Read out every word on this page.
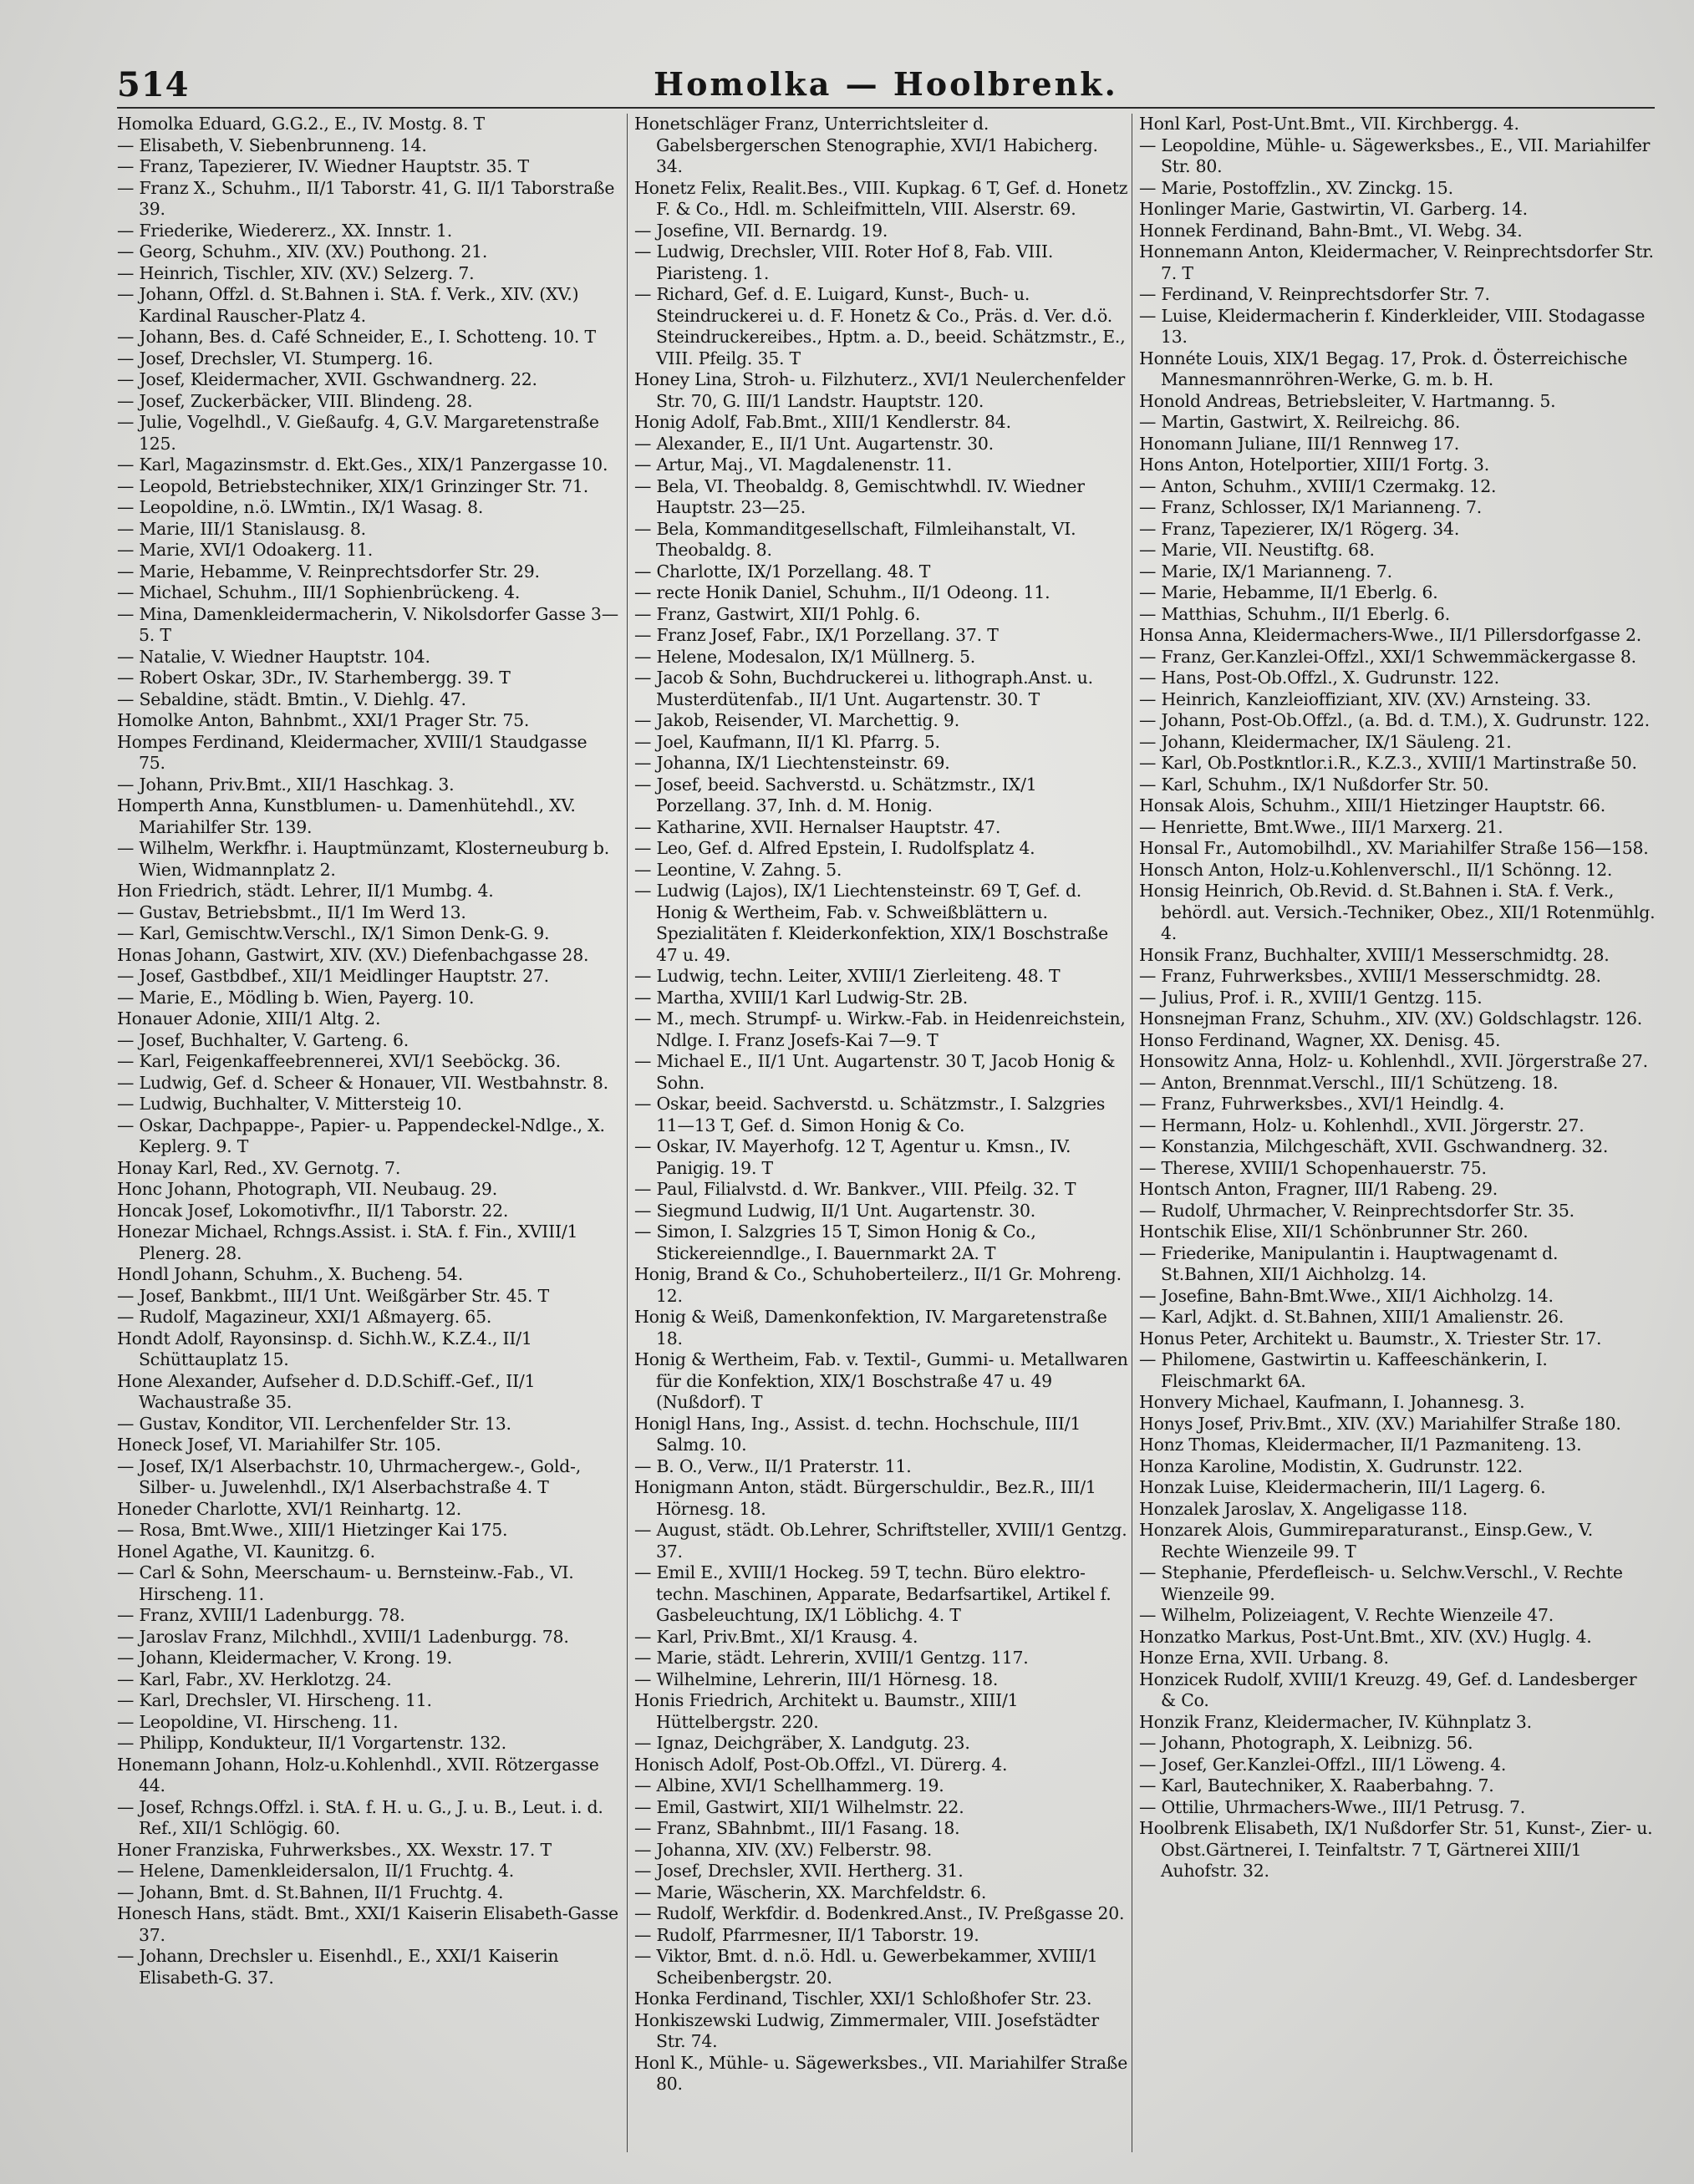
514	Homolka — Hoolbrenk.

Homolka Eduard, G.G.2., E., IV. Mostg. 8. T

— Elisabeth, V. Siebenbrunneng. 14.

— Franz, Tapezierer, IV. Wiedner Hauptstr. 35. T

— Franz X., Schuhm., II/1 Taborstr. 41, G. II/1 Taborstraße 39.

— Friederike, Wiedererz., XX. Innstr. 1.

— Georg, Schuhm., XIV. (XV.) Pouthong. 21.

— Heinrich, Tischler, XIV. (XV.) Selzerg. 7.

— Johann, Offzl. d. St.Bahnen i. StA. f. Verk., XIV. (XV.) Kardinal Rauscher-Platz 4.

— Johann, Bes. d. Café Schneider, E., I. Schotteng. 10. T

— Josef, Drechsler, VI. Stumperg. 16.

— Josef, Kleidermacher, XVII. Gschwandnerg. 22.

— Josef, Zuckerbäcker, VIII. Blindeng. 28.

— Julie, Vogelhdl., V. Gießaufg. 4, G.V. Margaretenstraße 125.

— Karl, Magazinsmstr. d. Ekt.Ges., XIX/1 Panzergasse 10.

— Leopold, Betriebstechniker, XIX/1 Grinzinger Str. 71.

— Leopoldine, n.ö. LWmtin., IX/1 Wasag. 8.

— Marie, III/1 Stanislausg. 8.

— Marie, XVI/1 Odoakerg. 11.

— Marie, Hebamme, V. Reinprechtsdorfer Str. 29.

— Michael, Schuhm., III/1 Sophienbrückeng. 4.

— Mina, Damenkleidermacherin, V. Nikolsdorfer Gasse 3—5. T

— Natalie, V. Wiedner Hauptstr. 104.

— Robert Oskar, 3Dr., IV. Starhembergg. 39. T

— Sebaldine, städt. Bmtin., V. Diehlg. 47.

Homolke Anton, Bahnbmt., XXI/1 Prager Str. 75.

Hompes Ferdinand, Kleidermacher, XVIII/1 Staudgasse 75.

— Johann, Priv.Bmt., XII/1 Haschkag. 3.

Homperth Anna, Kunstblumen- u. Damenhütehdl., XV. Mariahilfer Str. 139.

— Wilhelm, Werkfhr. i. Hauptmünzamt, Klosterneuburg b. Wien, Widmannplatz 2.

Hon Friedrich, städt. Lehrer, II/1 Mumbg. 4.

— Gustav, Betriebsbmt., II/1 Im Werd 13.

— Karl, Gemischtw.Verschl., IX/1 Simon Denk-G. 9.

Honas Johann, Gastwirt, XIV. (XV.) Diefenbachgasse 28.

— Josef, Gastbdbef., XII/1 Meidlinger Hauptstr. 27.

— Marie, E., Mödling b. Wien, Payerg. 10.

Honauer Adonie, XIII/1 Altg. 2.

— Josef, Buchhalter, V. Garteng. 6.

— Karl, Feigenkaffeebrennerei, XVI/1 Seeböckg. 36.

— Ludwig, Gef. d. Scheer & Honauer, VII. Westbahnstr. 8.

— Ludwig, Buchhalter, V. Mittersteig 10.

— Oskar, Dachpappe-, Papier- u. Pappendeckel-Ndlge., X. Keplerg. 9. T

Honay Karl, Red., XV. Gernotg. 7.

Honc Johann, Photograph, VII. Neubaug. 29.

Honcak Josef, Lokomotivfhr., II/1 Taborstr. 22.

Honezar Michael, Rchngs.Assist. i. StA. f. Fin., XVIII/1 Plenerg. 28.

Hondl Johann, Schuhm., X. Bucheng. 54.

— Josef, Bankbmt., III/1 Unt. Weißgärber Str. 45. T

— Rudolf, Magazineur, XXI/1 Aßmayerg. 65.

Hondt Adolf, Rayonsinsp. d. Sichh.W., K.Z.4., II/1 Schüttauplatz 15.

Hone Alexander, Aufseher d. D.D.Schiff.-Gef., II/1 Wachaustraße 35.

— Gustav, Konditor, VII. Lerchenfelder Str. 13.

Honeck Josef, VI. Mariahilfer Str. 105.

— Josef, IX/1 Alserbachstr. 10, Uhrmachergew.-, Gold-, Silber- u. Juwelenhdl., IX/1 Alserbachstraße 4. T

Honeder Charlotte, XVI/1 Reinhartg. 12.

— Rosa, Bmt.Wwe., XIII/1 Hietzinger Kai 175.

Honel Agathe, VI. Kaunitzg. 6.

— Carl & Sohn, Meerschaum- u. Bernsteinw.-Fab., VI. Hirscheng. 11.

— Franz, XVIII/1 Ladenburgg. 78.

— Jaroslav Franz, Milchhdl., XVIII/1 Ladenburgg. 78.

— Johann, Kleidermacher, V. Krong. 19.

— Karl, Fabr., XV. Herklotzg. 24.

— Karl, Drechsler, VI. Hirscheng. 11.

— Leopoldine, VI. Hirscheng. 11.

— Philipp, Kondukteur, II/1 Vorgartenstr. 132.

Honemann Johann, Holz-u.Kohlenhdl., XVII. Rötzergasse 44.

— Josef, Rchngs.Offzl. i. StA. f. H. u. G., J. u. B., Leut. i. d. Ref., XII/1 Schlögig. 60.

Honer Franziska, Fuhrwerksbes., XX. Wexstr. 17. T

— Helene, Damenkleidersalon, II/1 Fruchtg. 4.

— Johann, Bmt. d. St.Bahnen, II/1 Fruchtg. 4.

Honesch Hans, städt. Bmt., XXI/1 Kaiserin Elisabeth-Gasse 37.

— Johann, Drechsler u. Eisenhdl., E., XXI/1 Kaiserin Elisabeth-G. 37.

Honetschläger Franz, Unterrichtsleiter d. Gabelsbergerschen Stenographie, XVI/1 Habicherg. 34.

Honetz Felix, Realit.Bes., VIII. Kupkag. 6 T, Gef. d. Honetz F. & Co., Hdl. m. Schleifmitteln, VIII. Alserstr. 69.

— Josefine, VII. Bernardg. 19.

— Ludwig, Drechsler, VIII. Roter Hof 8, Fab. VIII. Piaristeng. 1.

— Richard, Gef. d. E. Luigard, Kunst-, Buch- u. Steindruckerei u. d. F. Honetz & Co., Präs. d. Ver. d.ö. Steindruckereibes., Hptm. a. D., beeid. Schätzmstr., E., VIII. Pfeilg. 35. T

Honey Lina, Stroh- u. Filzhuterz., XVI/1 Neulerchenfelder Str. 70, G. III/1 Landstr. Hauptstr. 120.

Honig Adolf, Fab.Bmt., XIII/1 Kendlerstr. 84.

— Alexander, E., II/1 Unt. Augartenstr. 30.

— Artur, Maj., VI. Magdalenenstr. 11.

— Bela, VI. Theobaldg. 8, Gemischtwhdl. IV. Wiedner Hauptstr. 23—25.

— Bela, Kommanditgesellschaft, Filmleihanstalt, VI. Theobaldg. 8.

— Charlotte, IX/1 Porzellang. 48. T

— recte Honik Daniel, Schuhm., II/1 Odeong. 11.

— Franz, Gastwirt, XII/1 Pohlg. 6.

— Franz Josef, Fabr., IX/1 Porzellang. 37. T

— Helene, Modesalon, IX/1 Müllnerg. 5.

— Jacob & Sohn, Buchdruckerei u. lithograph.Anst. u. Musterdütenfab., II/1 Unt. Augartenstr. 30. T

— Jakob, Reisender, VI. Marchettig. 9.

— Joel, Kaufmann, II/1 Kl. Pfarrg. 5.

— Johanna, IX/1 Liechtensteinstr. 69.

— Josef, beeid. Sachverstd. u. Schätzmstr., IX/1 Porzellang. 37, Inh. d. M. Honig.

— Katharine, XVII. Hernalser Hauptstr. 47.

— Leo, Gef. d. Alfred Epstein, I. Rudolfsplatz 4.

— Leontine, V. Zahng. 5.

— Ludwig (Lajos), IX/1 Liechtensteinstr. 69 T, Gef. d. Honig & Wertheim, Fab. v. Schweißblättern u. Spezialitäten f. Kleiderkonfektion, XIX/1 Boschstraße 47 u. 49.

— Ludwig, techn. Leiter, XVIII/1 Zierleiteng. 48. T

— Martha, XVIII/1 Karl Ludwig-Str. 2B.

— M., mech. Strumpf- u. Wirkw.-Fab. in Heidenreichstein, Ndlge. I. Franz Josefs-Kai 7—9. T

— Michael E., II/1 Unt. Augartenstr. 30 T, Jacob Honig & Sohn.

— Oskar, beeid. Sachverstd. u. Schätzmstr., I. Salzgries 11—13 T, Gef. d. Simon Honig & Co.

— Oskar, IV. Mayerhofg. 12 T, Agentur u. Kmsn., IV. Panigig. 19. T

— Paul, Filialvstd. d. Wr. Bankver., VIII. Pfeilg. 32. T

— Siegmund Ludwig, II/1 Unt. Augartenstr. 30.

— Simon, I. Salzgries 15 T, Simon Honig & Co., Stickereienndlge., I. Bauernmarkt 2A. T

Honig, Brand & Co., Schuhoberteilerz., II/1 Gr. Mohreng. 12.

Honig & Weiß, Damenkonfektion, IV. Margaretenstraße 18.

Honig & Wertheim, Fab. v. Textil-, Gummi- u. Metallwaren für die Konfektion, XIX/1 Boschstraße 47 u. 49 (Nußdorf). T

Honigl Hans, Ing., Assist. d. techn. Hochschule, III/1 Salmg. 10.

— B. O., Verw., II/1 Praterstr. 11.

Honigmann Anton, städt. Bürgerschuldir., Bez.R., III/1 Hörnesg. 18.

— August, städt. Ob.Lehrer, Schriftsteller, XVIII/1 Gentzg. 37.

— Emil E., XVIII/1 Hockeg. 59 T, techn. Büro elektro-techn. Maschinen, Apparate, Bedarfsartikel, Artikel f. Gasbeleuchtung, IX/1 Löblichg. 4. T

— Karl, Priv.Bmt., XI/1 Krausg. 4.

— Marie, städt. Lehrerin, XVIII/1 Gentzg. 117.

— Wilhelmine, Lehrerin, III/1 Hörnesg. 18.

Honis Friedrich, Architekt u. Baumstr., XIII/1 Hüttelbergstr. 220.

— Ignaz, Deichgräber, X. Landgutg. 23.

Honisch Adolf, Post-Ob.Offzl., VI. Dürerg. 4.

— Albine, XVI/1 Schellhammerg. 19.

— Emil, Gastwirt, XII/1 Wilhelmstr. 22.

— Franz, SBahnbmt., III/1 Fasang. 18.

— Johanna, XIV. (XV.) Felberstr. 98.

— Josef, Drechsler, XVII. Hertherg. 31.

— Marie, Wäscherin, XX. Marchfeldstr. 6.

— Rudolf, Werkfdir. d. Bodenkred.Anst., IV. Preßgasse 20.

— Rudolf, Pfarrmesner, II/1 Taborstr. 19.

— Viktor, Bmt. d. n.ö. Hdl. u. Gewerbekammer, XVIII/1 Scheibenbergstr. 20.

Honka Ferdinand, Tischler, XXI/1 Schloßhofer Str. 23.

Honkiszewski Ludwig, Zimmermaler, VIII. Josefstädter Str. 74.

Honl K., Mühle- u. Sägewerksbes., VII. Mariahilfer Straße 80.

Honl Karl, Post-Unt.Bmt., VII. Kirchbergg. 4.

— Leopoldine, Mühle- u. Sägewerksbes., E., VII. Mariahilfer Str. 80.

— Marie, Postoffzlin., XV. Zinckg. 15.

Honlinger Marie, Gastwirtin, VI. Garberg. 14.

Honnek Ferdinand, Bahn-Bmt., VI. Webg. 34.

Honnemann Anton, Kleidermacher, V. Reinprechtsdorfer Str. 7. T

— Ferdinand, V. Reinprechtsdorfer Str. 7.

— Luise, Kleidermacherin f. Kinderkleider, VIII. Stodagasse 13.

Honnéte Louis, XIX/1 Begag. 17, Prok. d. Österreichische Mannesmannröhren-Werke, G. m. b. H.

Honold Andreas, Betriebsleiter, V. Hartmanng. 5.

— Martin, Gastwirt, X. Reilreichg. 86.

Honomann Juliane, III/1 Rennweg 17.

Hons Anton, Hotelportier, XIII/1 Fortg. 3.

— Anton, Schuhm., XVIII/1 Czermakg. 12.

— Franz, Schlosser, IX/1 Marianneng. 7.

— Franz, Tapezierer, IX/1 Rögerg. 34.

— Marie, VII. Neustiftg. 68.

— Marie, IX/1 Marianneng. 7.

— Marie, Hebamme, II/1 Eberlg. 6.

— Matthias, Schuhm., II/1 Eberlg. 6.

Honsa Anna, Kleidermachers-Wwe., II/1 Pillersdorfgasse 2.

— Franz, Ger.Kanzlei-Offzl., XXI/1 Schwemmäckergasse 8.

— Hans, Post-Ob.Offzl., X. Gudrunstr. 122.

— Heinrich, Kanzleioffiziant, XIV. (XV.) Arnsteing. 33.

— Johann, Post-Ob.Offzl., (a. Bd. d. T.M.), X. Gudrunstr. 122.

— Johann, Kleidermacher, IX/1 Säuleng. 21.

— Karl, Ob.Postkntlor.i.R., K.Z.3., XVIII/1 Martinstraße 50.

— Karl, Schuhm., IX/1 Nußdorfer Str. 50.

Honsak Alois, Schuhm., XIII/1 Hietzinger Hauptstr. 66.

— Henriette, Bmt.Wwe., III/1 Marxerg. 21.

Honsal Fr., Automobilhdl., XV. Mariahilfer Straße 156—158.

Honsch Anton, Holz-u.Kohlenverschl., II/1 Schönng. 12.

Honsig Heinrich, Ob.Revid. d. St.Bahnen i. StA. f. Verk., behördl. aut. Versich.-Techniker, Obez., XII/1 Rotenmühlg. 4.

Honsik Franz, Buchhalter, XVIII/1 Messerschmidtg. 28.

— Franz, Fuhrwerksbes., XVIII/1 Messerschmidtg. 28.

— Julius, Prof. i. R., XVIII/1 Gentzg. 115.

Honsnejman Franz, Schuhm., XIV. (XV.) Goldschlagstr. 126.

Honso Ferdinand, Wagner, XX. Denisg. 45.

Honsowitz Anna, Holz- u. Kohlenhdl., XVII. Jörgerstraße 27.

— Anton, Brennmat.Verschl., III/1 Schützeng. 18.

— Franz, Fuhrwerksbes., XVI/1 Heindlg. 4.

— Hermann, Holz- u. Kohlenhdl., XVII. Jörgerstr. 27.

— Konstanzia, Milchgeschäft, XVII. Gschwandnerg. 32.

— Therese, XVIII/1 Schopenhauerstr. 75.

Hontsch Anton, Fragner, III/1 Rabeng. 29.

— Rudolf, Uhrmacher, V. Reinprechtsdorfer Str. 35.

Hontschik Elise, XII/1 Schönbrunner Str. 260.

— Friederike, Manipulantin i. Hauptwagenamt d. St.Bahnen, XII/1 Aichholzg. 14.

— Josefine, Bahn-Bmt.Wwe., XII/1 Aichholzg. 14.

— Karl, Adjkt. d. St.Bahnen, XIII/1 Amalienstr. 26.

Honus Peter, Architekt u. Baumstr., X. Triester Str. 17.

— Philomene, Gastwirtin u. Kaffeeschänkerin, I. Fleischmarkt 6A.

Honvery Michael, Kaufmann, I. Johannesg. 3.

Honys Josef, Priv.Bmt., XIV. (XV.) Mariahilfer Straße 180.

Honz Thomas, Kleidermacher, II/1 Pazmaniteng. 13.

Honza Karoline, Modistin, X. Gudrunstr. 122.

Honzak Luise, Kleidermacherin, III/1 Lagerg. 6.

Honzalek Jaroslav, X. Angeligasse 118.

Honzarek Alois, Gummireparaturanst., Einsp.Gew., V. Rechte Wienzeile 99. T

— Stephanie, Pferdefleisch- u. Selchw.Verschl., V. Rechte Wienzeile 99.

— Wilhelm, Polizeiagent, V. Rechte Wienzeile 47.

Honzatko Markus, Post-Unt.Bmt., XIV. (XV.) Huglg. 4.

Honze Erna, XVII. Urbang. 8.

Honzicek Rudolf, XVIII/1 Kreuzg. 49, Gef. d. Landesberger & Co.

Honzik Franz, Kleidermacher, IV. Kühnplatz 3.

— Johann, Photograph, X. Leibnizg. 56.

— Josef, Ger.Kanzlei-Offzl., III/1 Löweng. 4.

— Karl, Bautechniker, X. Raaberbahng. 7.

— Ottilie, Uhrmachers-Wwe., III/1 Petrusg. 7.

Hoolbrenk Elisabeth, IX/1 Nußdorfer Str. 51, Kunst-, Zier- u. Obst.Gärtnerei, I. Teinfaltstr. 7 T, Gärtnerei XIII/1 Auhofstr. 32.
